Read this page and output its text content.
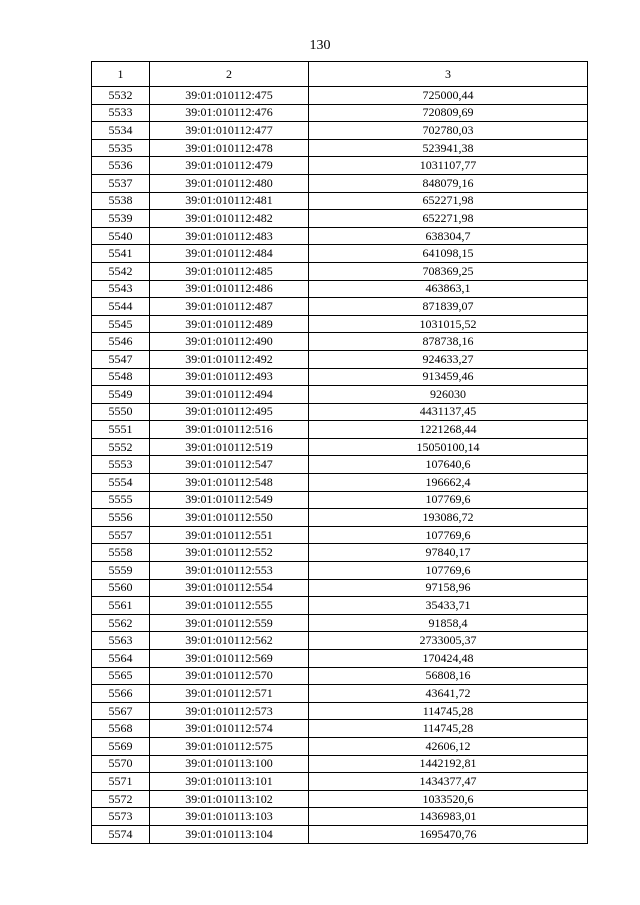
130
1	2	3
5532	39:01:010112:475	725000,44
5533	39:01:010112:476	720809,69
5534	39:01:010112:477	702780,03
5535	39:01:010112:478	523941,38
5536	39:01:010112:479	1031107,77
5537	39:01:010112:480	848079,16
5538	39:01:010112:481	652271,98
5539	39:01:010112:482	652271,98
5540	39:01:010112:483	638304,7
5541	39:01:010112:484	641098,15
5542	39:01:010112:485	708369,25
5543	39:01:010112:486	463863,1
5544	39:01:010112:487	871839,07
5545	39:01:010112:489	1031015,52
5546	39:01:010112:490	878738,16
5547	39:01:010112:492	924633,27
5548	39:01:010112:493	913459,46
5549	39:01:010112:494	926030
5550	39:01:010112:495	4431137,45
5551	39:01:010112:516	1221268,44
5552	39:01:010112:519	15050100,14
5553	39:01:010112:547	107640,6
5554	39:01:010112:548	196662,4
5555	39:01:010112:549	107769,6
5556	39:01:010112:550	193086,72
5557	39:01:010112:551	107769,6
5558	39:01:010112:552	97840,17
5559	39:01:010112:553	107769,6
5560	39:01:010112:554	97158,96
5561	39:01:010112:555	35433,71
5562	39:01:010112:559	91858,4
5563	39:01:010112:562	2733005,37
5564	39:01:010112:569	170424,48
5565	39:01:010112:570	56808,16
5566	39:01:010112:571	43641,72
5567	39:01:010112:573	114745,28
5568	39:01:010112:574	114745,28
5569	39:01:010112:575	42606,12
5570	39:01:010113:100	1442192,81
5571	39:01:010113:101	1434377,47
5572	39:01:010113:102	1033520,6
5573	39:01:010113:103	1436983,01
5574	39:01:010113:104	1695470,76
